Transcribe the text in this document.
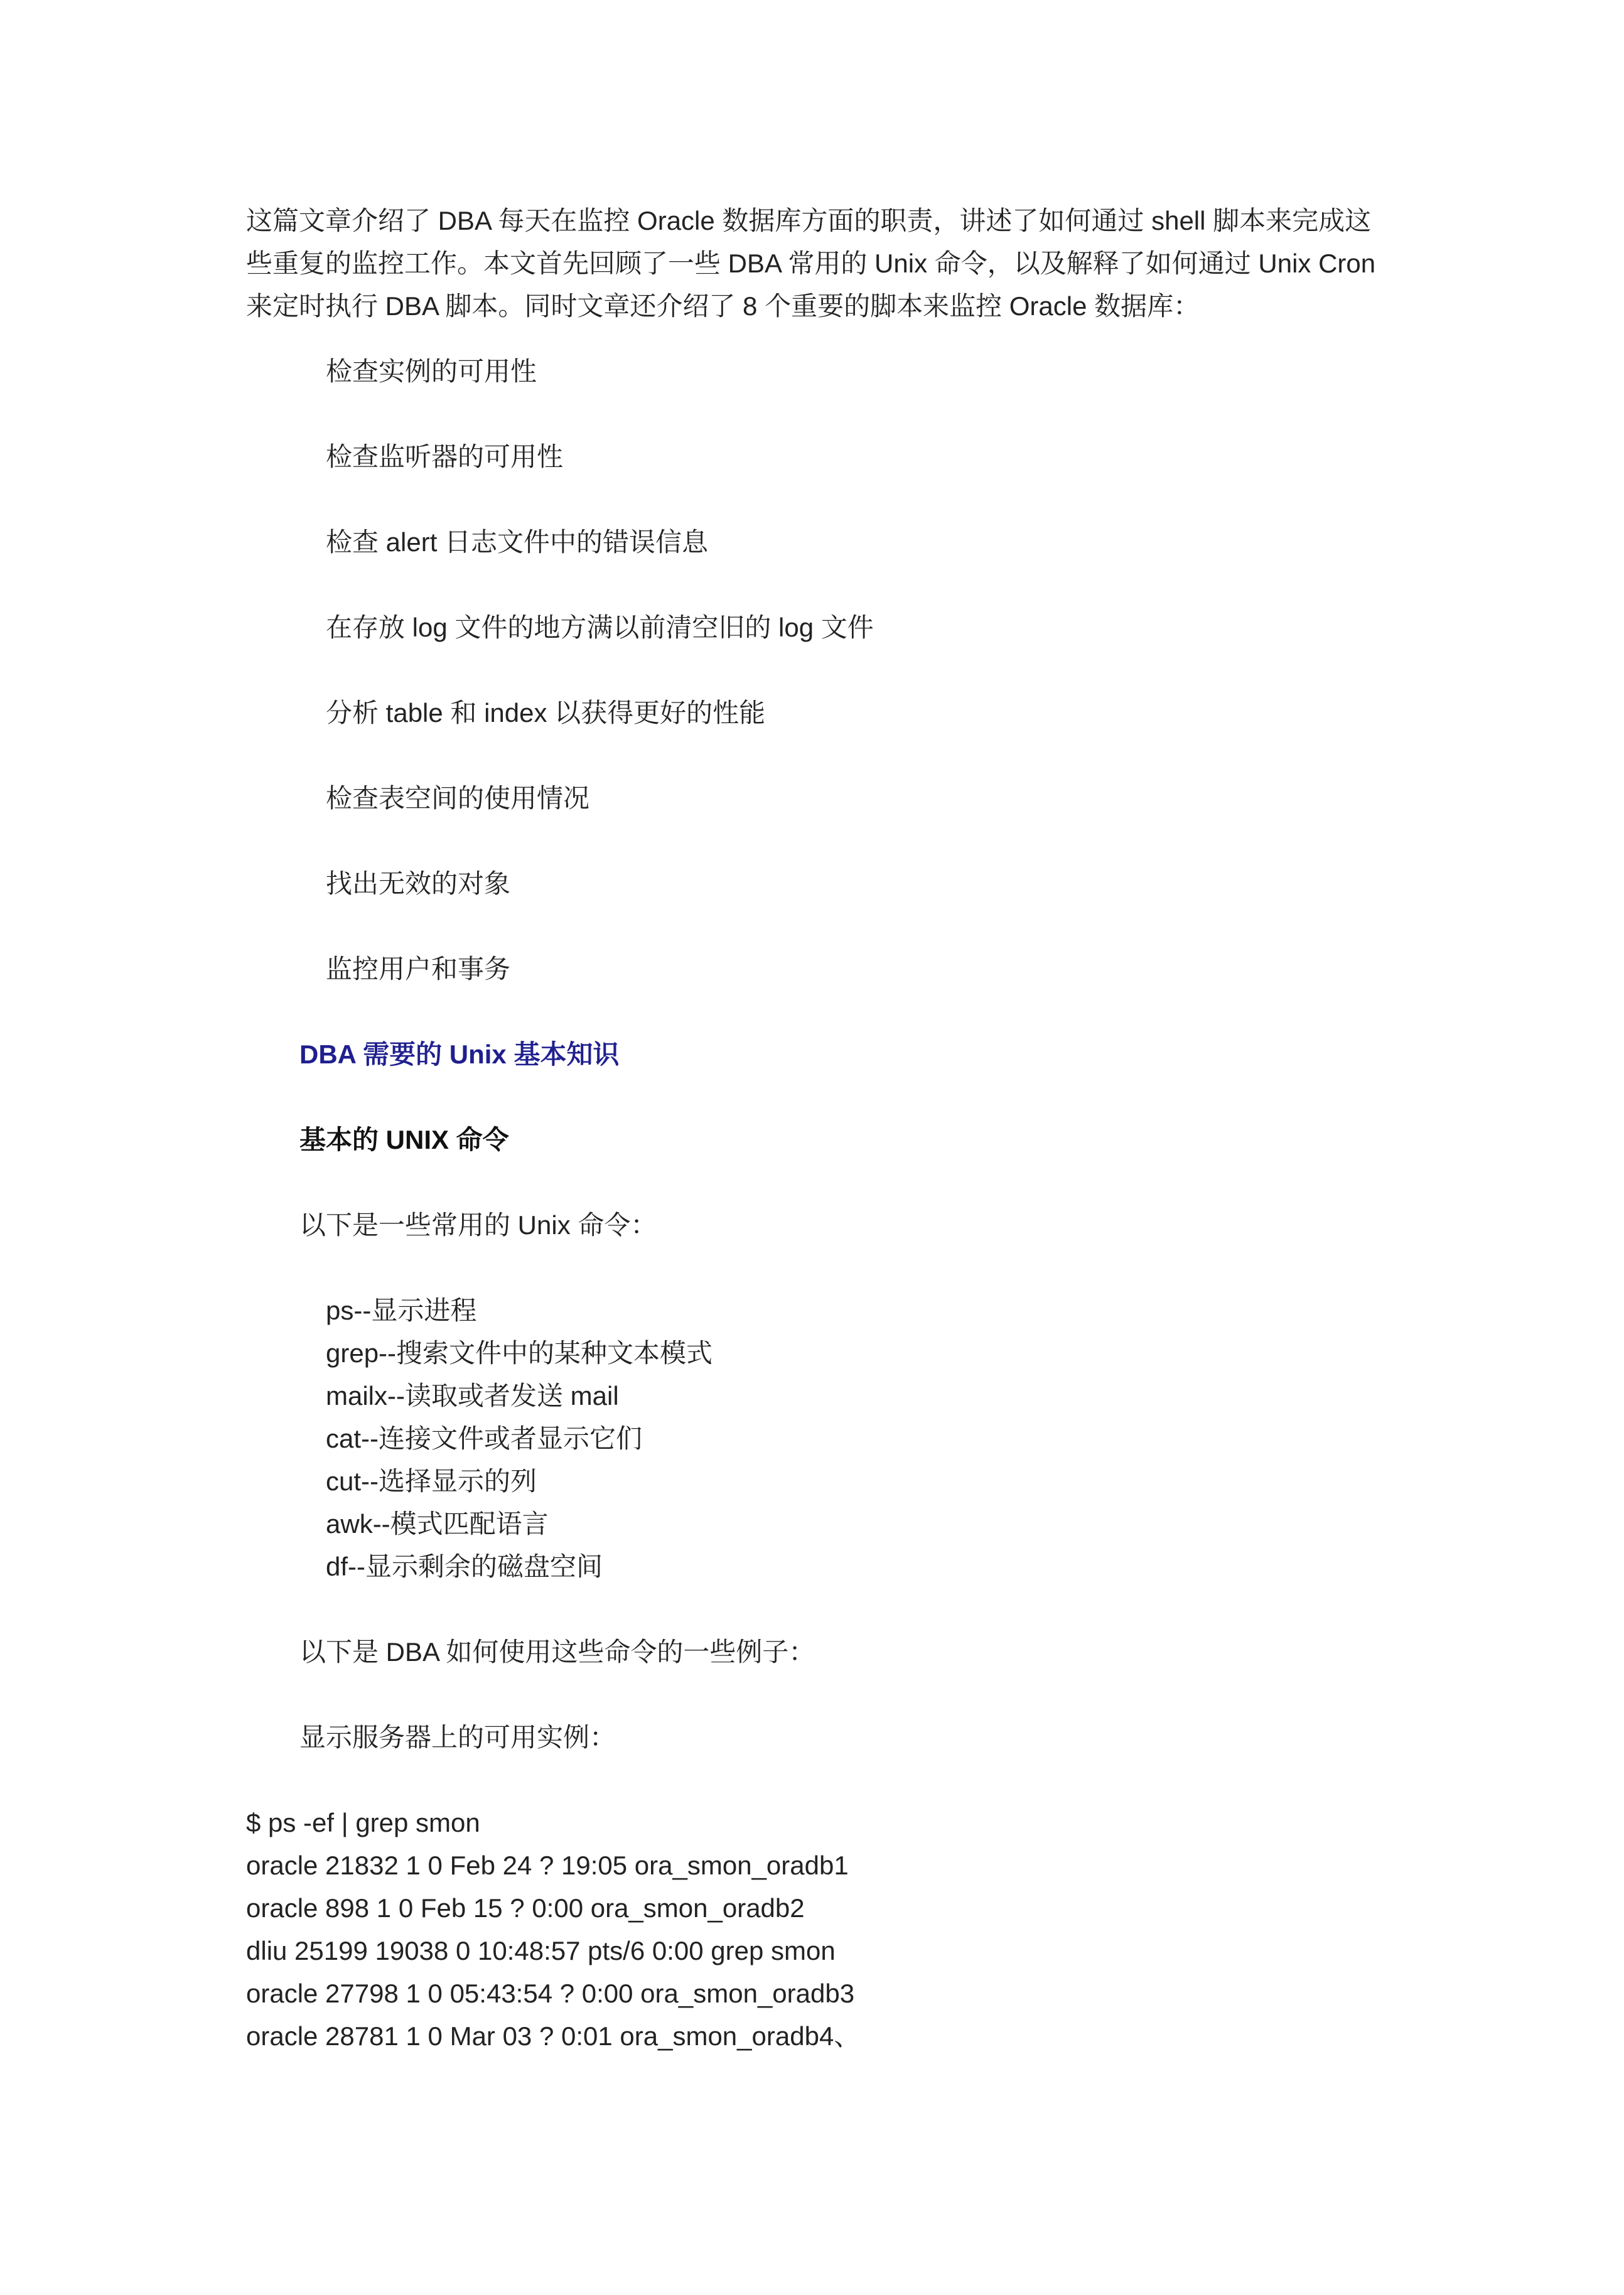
这篇文章介绍了 DBA 每天在监控 Oracle 数据库方面的职责，讲述了如何通过 shell 脚本来完成这些重复的监控工作。本文首先回顾了一些 DBA 常用的 Unix 命令，以及解释了如何通过 Unix Cron 来定时执行 DBA 脚本。同时文章还介绍了 8 个重要的脚本来监控 Oracle 数据库：

检查实例的可用性
检查监听器的可用性
检查 alert 日志文件中的错误信息
在存放 log 文件的地方满以前清空旧的 log 文件
分析 table 和 index 以获得更好的性能
检查表空间的使用情况
找出无效的对象
监控用户和事务
DBA 需要的 Unix 基本知识
基本的 UNIX 命令
以下是一些常用的 Unix 命令：
ps--显示进程
grep--搜索文件中的某种文本模式
mailx--读取或者发送 mail
cat--连接文件或者显示它们
cut--选择显示的列
awk--模式匹配语言
df--显示剩余的磁盘空间
以下是 DBA 如何使用这些命令的一些例子：
显示服务器上的可用实例：
$ ps -ef | grep smon
oracle 21832 1 0 Feb 24 ? 19:05 ora_smon_oradb1
oracle 898 1 0 Feb 15 ? 0:00 ora_smon_oradb2
dliu 25199 19038 0 10:48:57 pts/6 0:00 grep smon
oracle 27798 1 0 05:43:54 ? 0:00 ora_smon_oradb3
oracle 28781 1 0 Mar 03 ? 0:01 ora_smon_oradb4、
